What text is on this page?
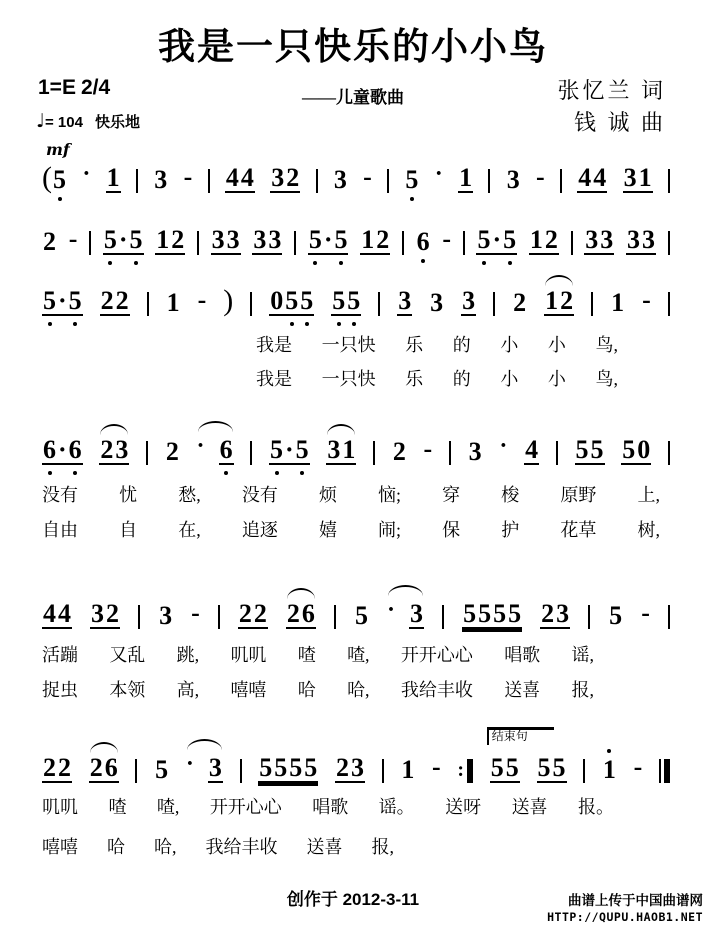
我是一只快乐的小小鸟
1=E 2/4	——儿童歌曲	张忆兰 词
钱 诚 曲
♩= 104 快乐地
创作于 2012-3-11	曲谱上传于中国曲谱网
HTTP://QUPU.HAOB1.NET
mf
( 5 · 1 3 - 4 4 3 2 3 - 5 · 1 3 - 4 4 3 1
2 - 5 · 5 1 2 3 3 3 3 5 · 5 1 2 6 - 5 · 5 1 2 3 3 3 3
5 · 5 2 2 1 - ) 0 5 5 5 5 3 3 3 2 1 2 1 -
6 · 6 2 3 2 · 6 5 · 5 3 1 2 - 3 · 4 5 5 5 0
4 4 3 2 3 - 2 2 2 6 5 · 3 5 5 5 5 2 3 5 -
2 2 2 6 5 · 3 5 5 5 5 2 3 1 - :
结束句
5 5 5 5 1 -
我是 一只快 乐 的 小 小 鸟,
我是 一只快 乐 的 小 小 鸟,
没有 忧 愁, 没有 烦 恼; 穿 梭 原野 上,
自由 自 在, 追逐 嬉 闹; 保 护 花草 树,
活蹦 又乱 跳, 叽叽 喳 喳, 开开心心 唱歌 谣,
捉虫 本领 高, 嘻嘻 哈 哈, 我给丰收 送喜 报,
叽叽 喳 喳, 开开心心 唱歌 谣。 送呀 送喜 报。
嘻嘻 哈 哈, 我给丰收 送喜 报,
